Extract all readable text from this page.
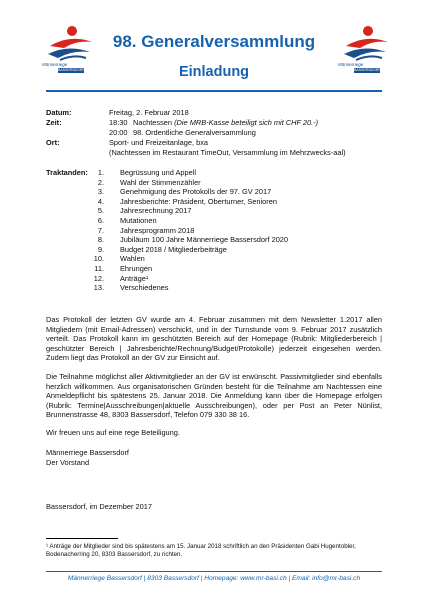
Männerriege
BASSERSDORF
Männerriege
BASSERSDORF
98. Generalversammlung
Einladung
Datum:	Freitag, 2. Februar 2018
Zeit:	18:30 Nachtessen (Die MRB-Kasse beteiligt sich mit CHF 20.-)
20:00 98. Ordentliche Generalversammlung
Ort:	Sport- und Freizeitanlage, bxa
(Nachtessen im Restaurant TimeOut, Versammlung im Mehrzwecks-aal)
Traktanden:	1. Begrüssung und Appell
2. Wahl der Stimmenzähler
3. Genehmigung des Protokolls der 97. GV 2017
4. Jahresberichte: Präsident, Oberturner, Senioren
5. Jahresrechnung 2017
6. Mutationen
7. Jahresprogramm 2018
8. Jubiläum 100 Jahre Männerriege Bassersdorf 2020
9. Budget 2018 / Mitgliederbeiträge
10. Wahlen
11. Ehrungen
12. Anträge¹
13. Verschiedenes
Das Protokoll der letzten GV wurde am 4. Februar zusammen mit dem Newsletter 1.2017 allen Mitgliedern (mit Email-Adressen) verschickt, und in der Turnstunde vom 9. Februar 2017 zusätzlich verteilt. Das Protokoll kann im geschützten Bereich auf der Homepage (Rubrik: Mitgliederbereich | geschützter Bereich | Jahresberichte/Rechnung/Budget/Protokolle) jederzeit eingesehen werden. Zudem liegt das Protokoll an der GV zur Einsicht auf.
Die Teilnahme möglichst aller Aktivmitglieder an der GV ist erwünscht. Passivmitglieder sind ebenfalls herzlich willkommen. Aus organisatorischen Gründen besteht für die Teilnahme am Nachtessen eine Anmeldepflicht bis spätestens 25. Januar 2018. Die Anmeldung kann über die Homepage erfolgen (Rubrik: Termine|Ausschreibungen|aktuelle Ausschreibungen), oder per Post an Peter Nünlist, Brunnenstrasse 48, 8303 Bassersdorf, Telefon 079 330 38 16.
Wir freuen uns auf eine rege Beteiligung.
Männerriege Bassersdorf
Der Vorstand
Bassersdorf, im Dezember 2017
¹ Anträge der Mitglieder sind bis spätestens am 15. Januar 2018 schriftlich an den Präsidenten Gabi Hugentobler, Bodenacherring 20, 8303 Bassersdorf, zu richten.
Männerriege Bassersdorf | 8303 Bassersdorf | Homepage: www.mr-basi.ch | Email: info@mr-basi.ch
